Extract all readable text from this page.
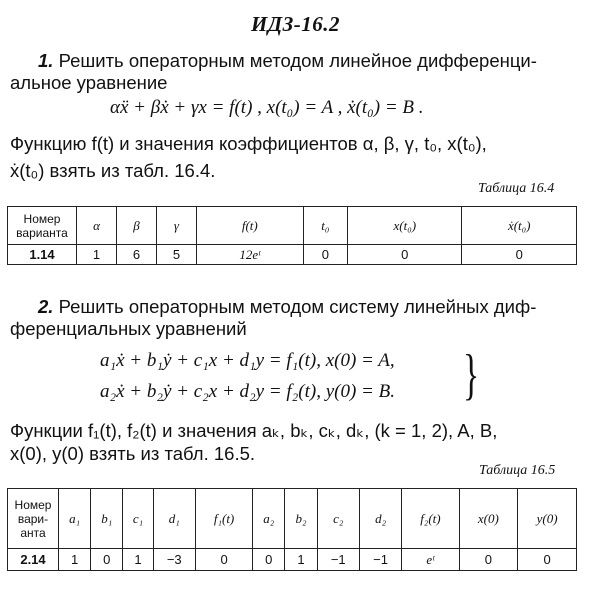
ИДЗ-16.2
1. Решить операторным методом линейное дифференци-
альное уравнение
αẍ + βẋ + γx = f(t) , x(t₀) = A , ẋ(t₀) = B .
Функцию f(t) и значения коэффициентов α, β, γ, t₀, x(t₀),
ẋ(t₀) взять из табл. 16.4.
Таблица 16.4
Номер варианта	α	β	γ	f(t)	t₀	x(t₀)	ẋ(t₀)
1.14	1	6	5	12eᵗ	0	0	0
2. Решить операторным методом систему линейных диф-
ференциальных уравнений
a₁ẋ + b₁ẏ + c₁x + d₁y = f₁(t), x(0) = A,
a₂ẋ + b₂ẏ + c₂x + d₂y = f₂(t), y(0) = B. }
Функции f₁(t), f₂(t) и значения aₖ, bₖ, cₖ, dₖ, (k = 1, 2), A, B,
x(0), y(0) взять из табл. 16.5.
Таблица 16.5
Номер вари-анта	a₁	b₁	c₁	d₁	f₁(t)	a₂	b₂	c₂	d₂	f₂(t)	x(0)	y(0)
2.14	1	0	1	−3	0	0	1	−1	−1	eᵗ	0	0
